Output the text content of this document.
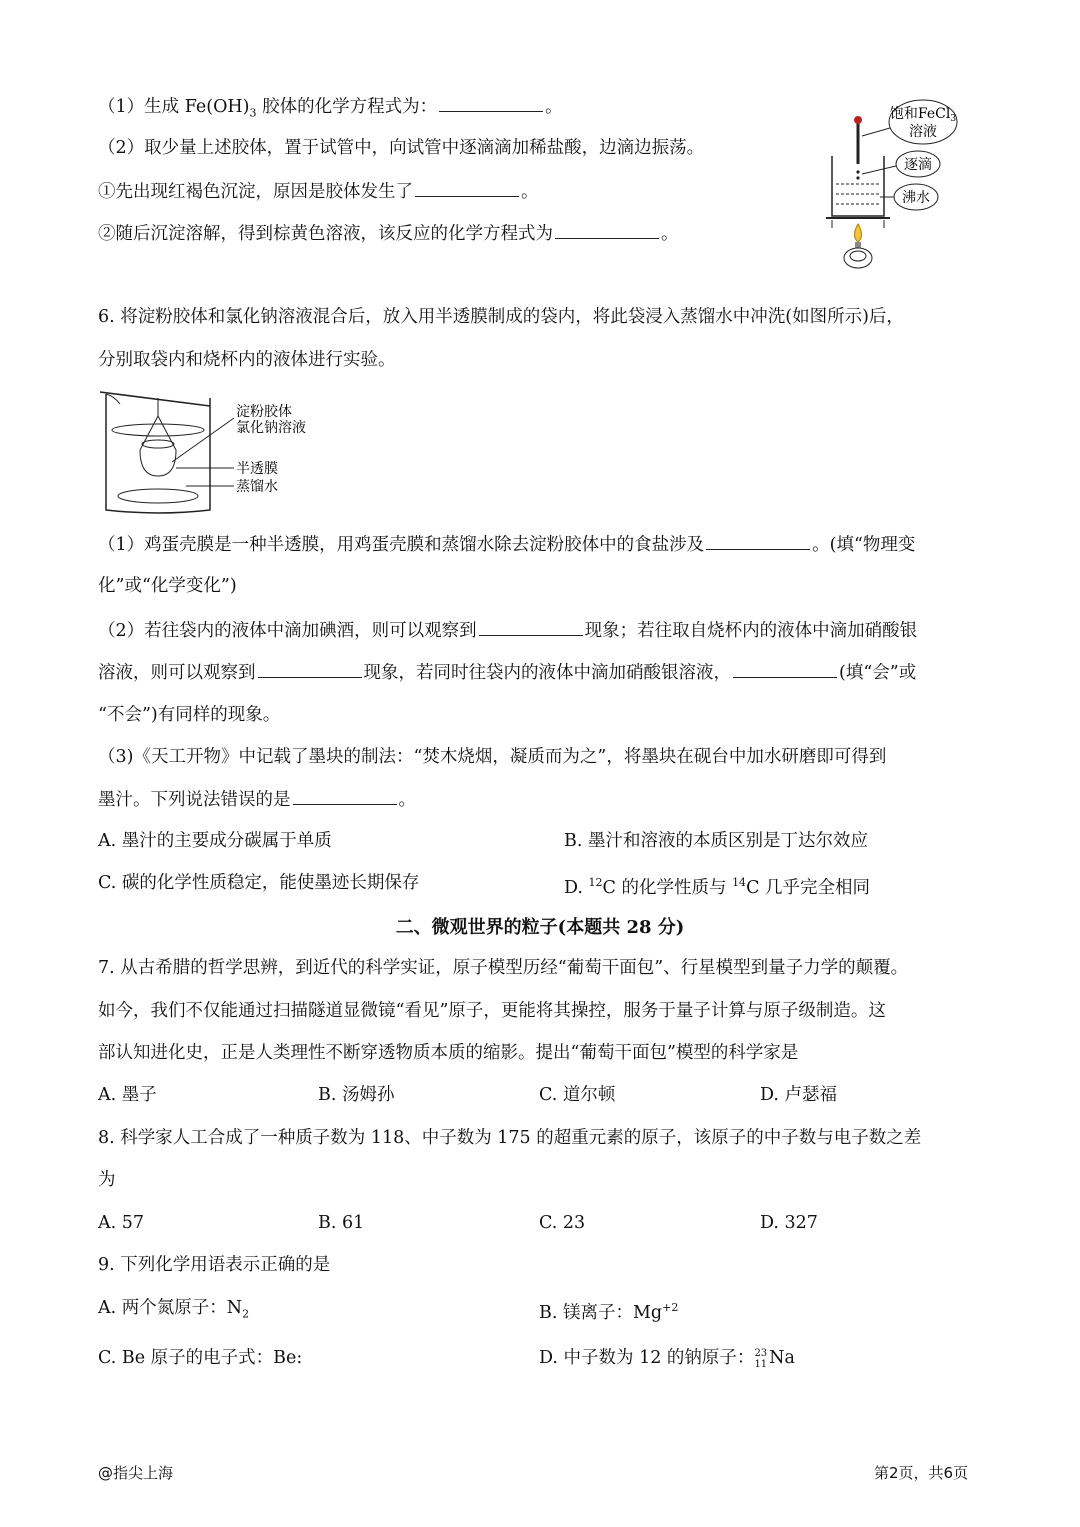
（1）生成 $Fe(OH)_3$ 胶体的化学方程式为：	。
（2）取少量上述胶体，置于试管中，向试管中逐滴滴加稀盐酸，边滴边振荡。
①先出现红褐色沉淀，原因是胶体发生了	。
②随后沉淀溶解，得到棕黄色溶液，该反应的化学方程式为	。
饱和FeCl$_3$
溶液
逐滴
沸水
6. 将淀粉胶体和氯化钠溶液混合后，放入用半透膜制成的袋内，将此袋浸入蒸馏水中冲洗(如图所示)后，
分别取袋内和烧杯内的液体进行实验。
淀粉胶体
氯化钠溶液
半透膜
蒸馏水
（1）鸡蛋壳膜是一种半透膜，用鸡蛋壳膜和蒸馏水除去淀粉胶体中的食盐涉及	。(填“物理变
化”或“化学变化”)
（2）若往袋内的液体中滴加碘酒，则可以观察到	现象；若往取自烧杯内的液体中滴加硝酸银
溶液，则可以观察到	现象，若同时往袋内的液体中滴加硝酸银溶液，	(填“会”或
“不会”)有同样的现象。
（3)《天工开物》中记载了墨块的制法：“焚木烧烟，凝质而为之”，将墨块在砚台中加水研磨即可得到
墨汁。下列说法错误的是	。
A. 墨汁的主要成分碳属于单质	B. 墨汁和溶液的本质区别是丁达尔效应
C. 碳的化学性质稳定，能使墨迹长期保存	D. $^{12}$C 的化学性质与 $^{14}$C 几乎完全相同
二、微观世界的粒子(本题共 28 分)
7. 从古希腊的哲学思辨，到近代的科学实证，原子模型历经“葡萄干面包”、行星模型到量子力学的颠覆。
如今，我们不仅能通过扫描隧道显微镜“看见”原子，更能将其操控，服务于量子计算与原子级制造。这
部认知进化史，正是人类理性不断穿透物质本质的缩影。提出“葡萄干面包”模型的科学家是
A. 墨子	B. 汤姆孙	C. 道尔顿	D. 卢瑟福
8. 科学家人工合成了一种质子数为 118、中子数为 175 的超重元素的原子，该原子的中子数与电子数之差
为
A. 57	B. 61	C. 23	D. 327
9. 下列化学用语表示正确的是
A. 两个氮原子：$N_2$	B. 镁离子：$Mg^{+2}$
C. Be 原子的电子式：Be:	D. 中子数为 12 的钠原子：23
11 Na
@指尖上海	第2页，共6页
